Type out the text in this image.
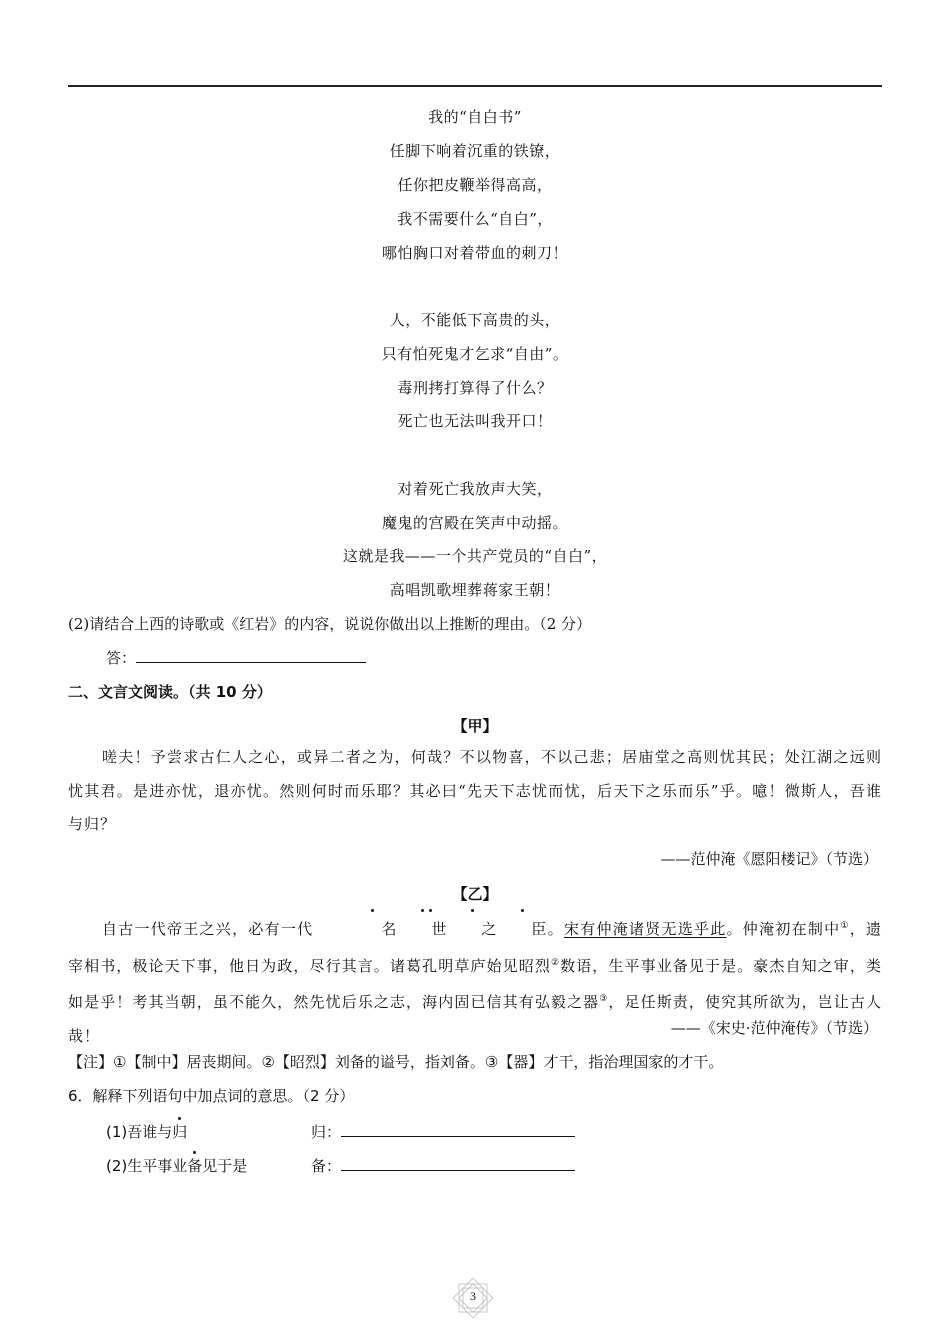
我的“自白书”
任脚下响着沉重的铁镣，
任你把皮鞭举得高高，
我不需要什么“自白”，
哪怕胸口对着带血的刺刀！
人，不能低下高贵的头，
只有怕死鬼才乞求“自由”。
毒刑拷打算得了什么？
死亡也无法叫我开口！
对着死亡我放声大笑，
魔鬼的宫殿在笑声中动摇。
这就是我——一个共产党员的“自白”，
高唱凯歌埋葬蒋家王朝！
(2)请结合上西的诗歌或《红岩》的内容，说说你做出以上推断的理由。（2 分）
答：
二、文言文阅读。（共 10 分）
【甲】
嗟夫！予尝求古仁人之心，或异二者之为，何哉？不以物喜，不以己悲；居庙堂之高则忧其民；处江湖之远则忧其君。是进亦忧，退亦忧。然则何时而乐耶？其必曰“先天下志忧而忧，后天下之乐而乐”乎。噫！微斯人，吾谁与归？
——范仲淹《愿阳楼记》（节选）
【乙】
自古一代帝王之兴，必有一代	名 世 之 臣。宋有仲淹诸贤无选乎此。仲淹初在制中①，遗宰相书，极论天下事，他日为政，尽行其言。诸葛孔明草庐始见昭烈②数语，生平事业备见于是。豪杰自知之审，类如是乎！考其当朝，虽不能久，然先忧后乐之志，海内固已信其有弘毅之器③，足任斯责，使究其所欲为，岂让古人哉！	——《宋史·范仲淹传》（节选）
【注】①【制中】居丧期间。②【昭烈】刘备的谥号，指刘备。③【器】才干，指治理国家的才干。
6．解释下列语句中加点词的意思。（2 分）
(1)吾谁与归	归：
(2)生平事业备见于是	备：
3
